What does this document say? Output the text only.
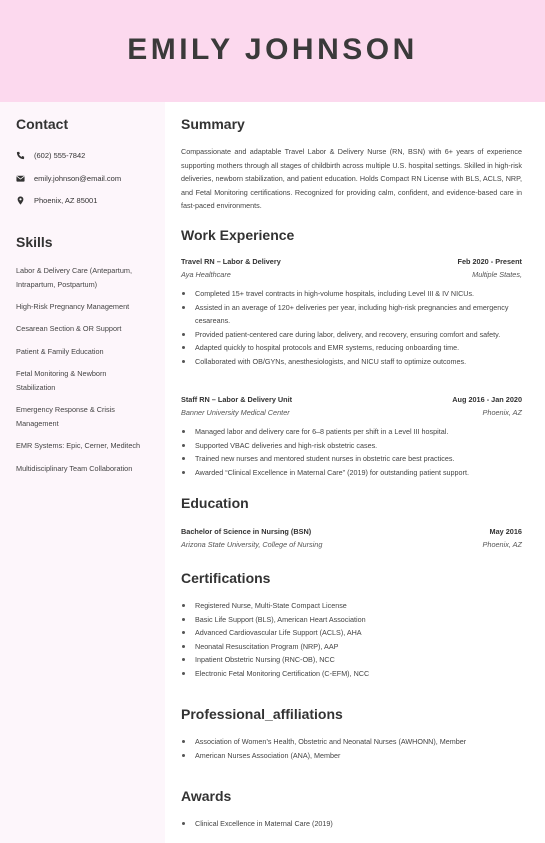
EMILY JOHNSON
Contact
(602) 555-7842
emily.johnson@email.com
Phoenix, AZ 85001
Skills
Labor & Delivery Care (Antepartum, Intrapartum, Postpartum)
High-Risk Pregnancy Management
Cesarean Section & OR Support
Patient & Family Education
Fetal Monitoring & Newborn Stabilization
Emergency Response & Crisis Management
EMR Systems: Epic, Cerner, Meditech
Multidisciplinary Team Collaboration
Summary
Compassionate and adaptable Travel Labor & Delivery Nurse (RN, BSN) with 6+ years of experience supporting mothers through all stages of childbirth across multiple U.S. hospital settings. Skilled in high-risk deliveries, newborn stabilization, and patient education. Holds Compact RN License with BLS, ACLS, NRP, and Fetal Monitoring certifications. Recognized for providing calm, confident, and evidence-based care in fast-paced environments.
Work Experience
Travel RN – Labor & Delivery	Feb 2020 - Present
Aya Healthcare	Multiple States,
Completed 15+ travel contracts in high-volume hospitals, including Level III & IV NICUs.
Assisted in an average of 120+ deliveries per year, including high-risk pregnancies and emergency cesareans.
Provided patient-centered care during labor, delivery, and recovery, ensuring comfort and safety.
Adapted quickly to hospital protocols and EMR systems, reducing onboarding time.
Collaborated with OB/GYNs, anesthesiologists, and NICU staff to optimize outcomes.
Staff RN – Labor & Delivery Unit	Aug 2016 - Jan 2020
Banner University Medical Center	Phoenix, AZ
Managed labor and delivery care for 6–8 patients per shift in a Level III hospital.
Supported VBAC deliveries and high-risk obstetric cases.
Trained new nurses and mentored student nurses in obstetric care best practices.
Awarded “Clinical Excellence in Maternal Care” (2019) for outstanding patient support.
Education
Bachelor of Science in Nursing (BSN)	May 2016
Arizona State University, College of Nursing	Phoenix, AZ
Certifications
Registered Nurse, Multi-State Compact License
Basic Life Support (BLS), American Heart Association
Advanced Cardiovascular Life Support (ACLS), AHA
Neonatal Resuscitation Program (NRP), AAP
Inpatient Obstetric Nursing (RNC-OB), NCC
Electronic Fetal Monitoring Certification (C-EFM), NCC
Professional_affiliations
Association of Women’s Health, Obstetric and Neonatal Nurses (AWHONN), Member
American Nurses Association (ANA), Member
Awards
Clinical Excellence in Maternal Care (2019)
